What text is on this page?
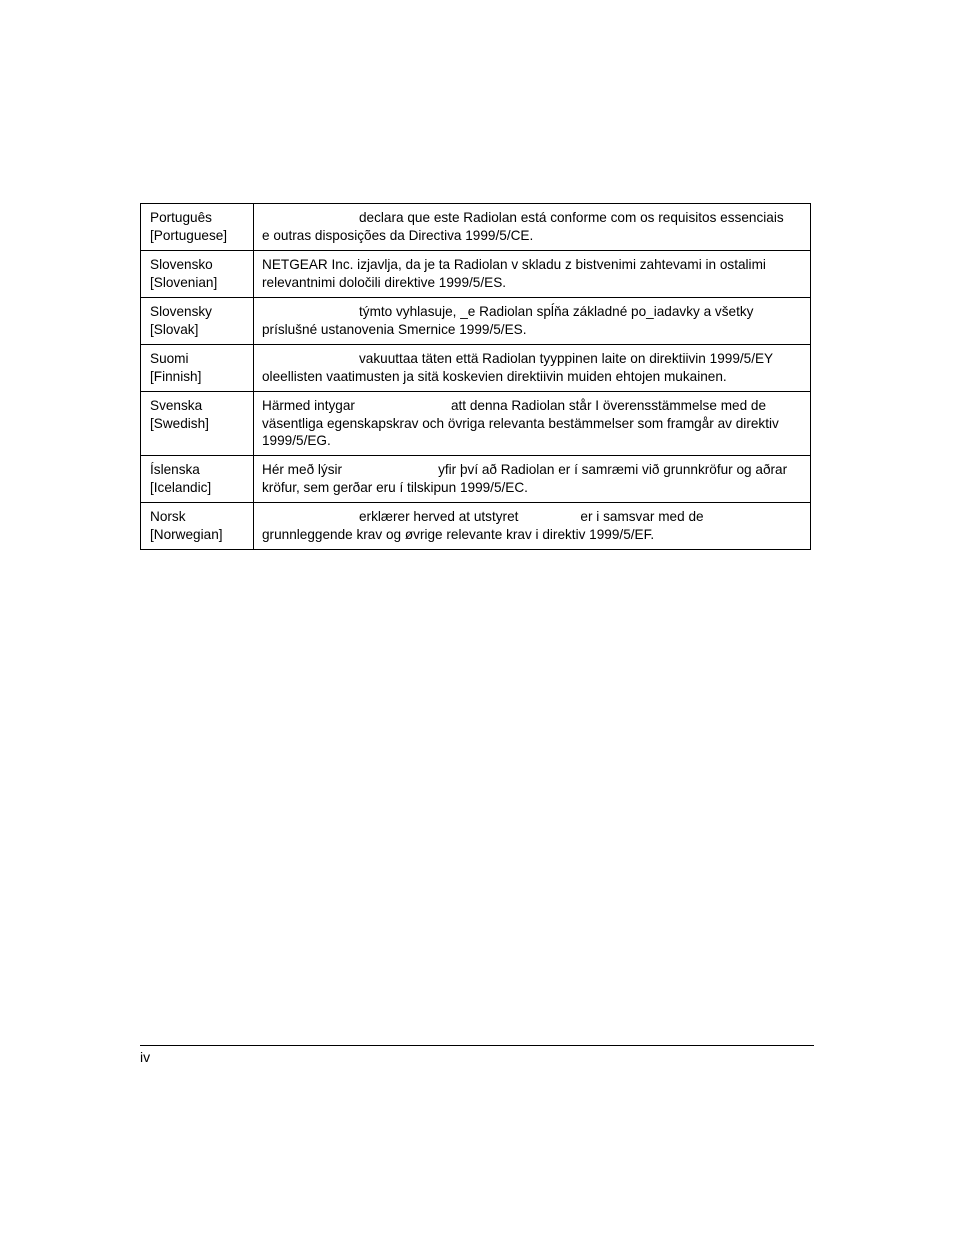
Português
[Portuguese]	declara que este Radiolan está conforme com os requisitos essenciais
e outras disposições da Directiva 1999/5/CE.

Slovensko
[Slovenian]	NETGEAR Inc. izjavlja, da je ta Radiolan v skladu z bistvenimi zahtevami in ostalimi
relevantnimi določili direktive 1999/5/ES.

Slovensky
[Slovak]	týmto vyhlasuje, _e Radiolan spĺňa základné po_iadavky a všetky
príslušné ustanovenia Smernice 1999/5/ES.

Suomi
[Finnish]	vakuuttaa täten että Radiolan tyyppinen laite on direktiivin 1999/5/EY
oleellisten vaatimusten ja sitä koskevien direktiivin muiden ehtojen mukainen.

Svenska
[Swedish]	Härmed intygar att denna Radiolan står I överensstämmelse med de
väsentliga egenskapskrav och övriga relevanta bestämmelser som framgår av direktiv
1999/5/EG.

Íslenska
[Icelandic]	Hér með lýsir yfir því að Radiolan er í samræmi við grunnkröfur og aðrar
kröfur, sem gerðar eru í tilskipun 1999/5/EC.

Norsk
[Norwegian]	erklærer herved at utstyret er i samsvar med de
grunnleggende krav og øvrige relevante krav i direktiv 1999/5/EF.
iv
